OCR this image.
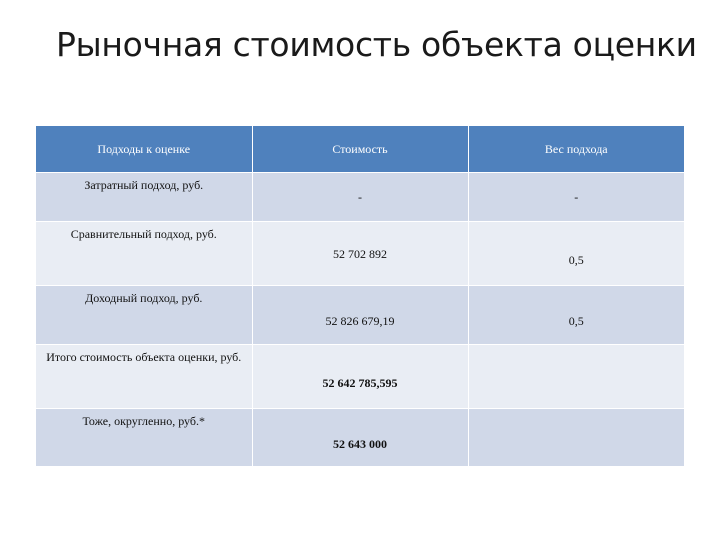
Рыночная стоимость объекта оценки
Подходы к оценке	Стоимость	Вес подхода
Затратный подход, руб.	-	-
Сравнительный подход, руб.	52 702 892	0,5
Доходный подход, руб.	52 826 679,19	0,5
Итого стоимость объекта оценки, руб.	52 642 785,595	
Тоже, округленно, руб.*	52 643 000	
